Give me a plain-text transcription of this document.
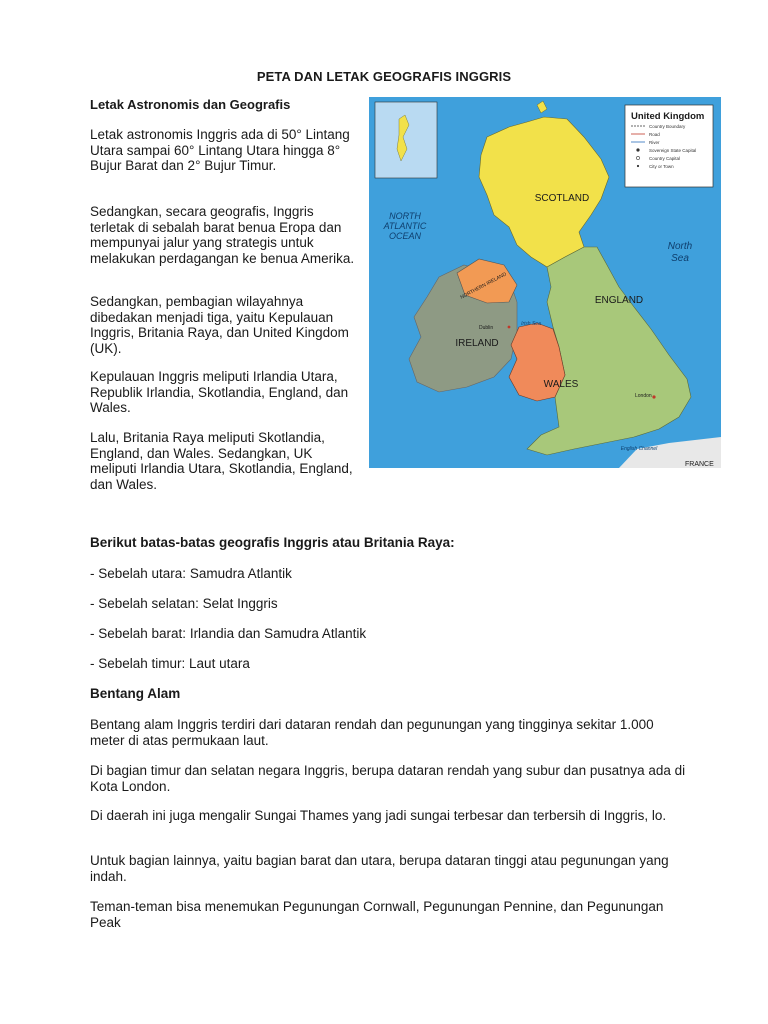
PETA DAN LETAK GEOGRAFIS INGGRIS
Letak Astronomis dan Geografis
Letak astronomis Inggris ada di 50° Lintang Utara sampai 60° Lintang Utara hingga 8° Bujur Barat dan 2° Bujur Timur.
Sedangkan, secara geografis, Inggris terletak di sebalah barat benua Eropa dan mempunyai jalur yang strategis untuk melakukan perdagangan ke benua Amerika.
Sedangkan, pembagian wilayahnya dibedakan menjadi tiga, yaitu Kepulauan Inggris, Britania Raya, dan United Kingdom (UK).
Kepulauan Inggris meliputi Irlandia Utara, Republik Irlandia, Skotlandia, England, dan Wales.
Lalu, Britania Raya meliputi Skotlandia, England, dan Wales. Sedangkan, UK meliputi Irlandia Utara, Skotlandia, England, dan Wales.
United Kingdom
Country Boundary
Road
River
Sovereign State Capital
Country Capital
City or Town
NORTH
ATLANTIC
OCEAN
North
Sea
Irish Sea
English Channel
SCOTLAND
ENGLAND
WALES
IRELAND
NORTHERN IRELAND
Dublin
London
FRANCE
Berikut batas-batas geografis Inggris atau Britania Raya:
- Sebelah utara: Samudra Atlantik
- Sebelah selatan: Selat Inggris
- Sebelah barat: Irlandia dan Samudra Atlantik
- Sebelah timur: Laut utara
Bentang Alam
Bentang alam Inggris terdiri dari dataran rendah dan pegunungan yang tingginya sekitar 1.000 meter di atas permukaan laut.
Di bagian timur dan selatan negara Inggris, berupa dataran rendah yang subur dan pusatnya ada di Kota London.
Di daerah ini juga mengalir Sungai Thames yang jadi sungai terbesar dan terbersih di Inggris, lo.
Untuk bagian lainnya, yaitu bagian barat dan utara, berupa dataran tinggi atau pegunungan yang indah.
Teman-teman bisa menemukan Pegunungan Cornwall, Pegunungan Pennine, dan Pegunungan Peak
